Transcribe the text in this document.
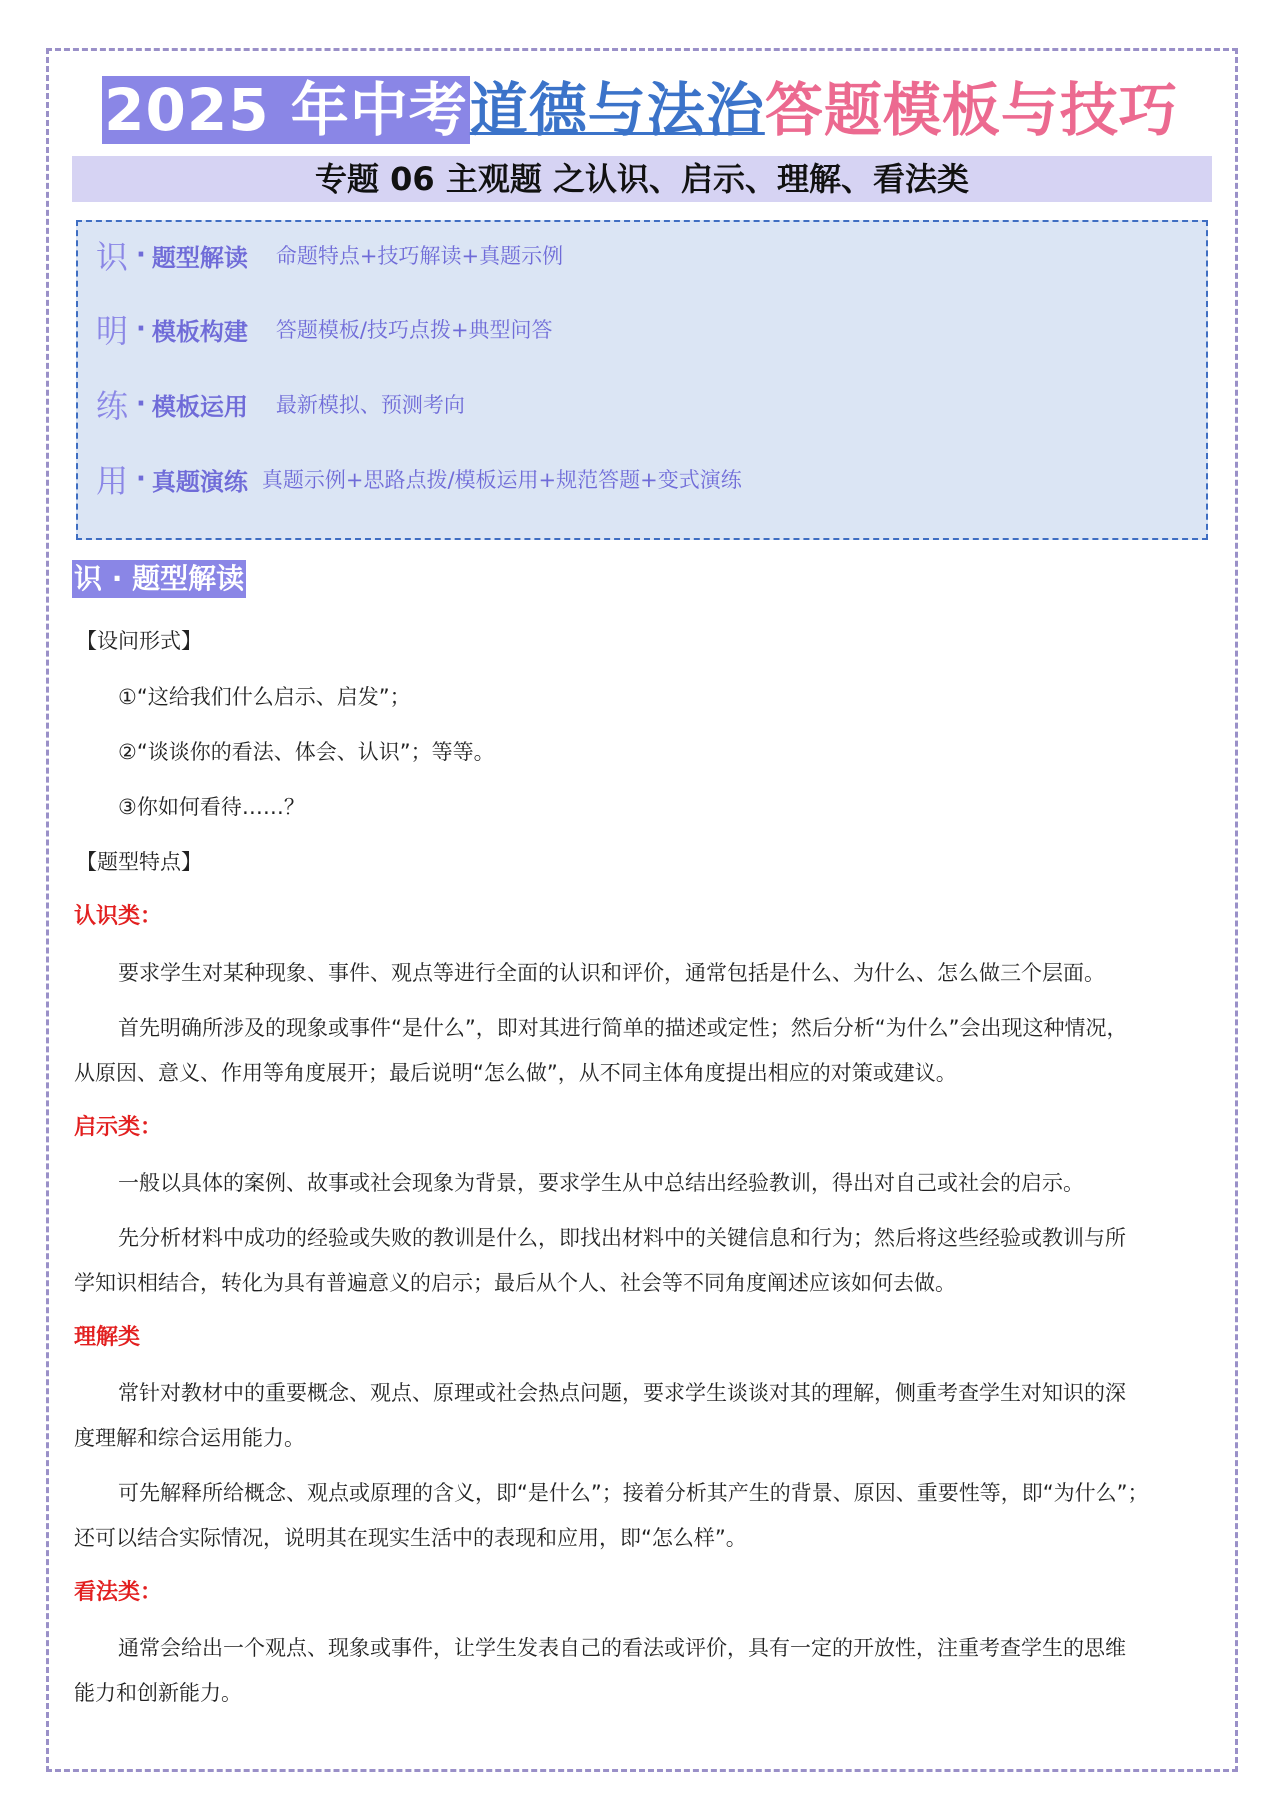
2025 年中考道德与法治答题模板与技巧
专题 06 主观题 之认识、启示、理解、看法类
识 · 题型解读 命题特点+技巧解读+真题示例
明 · 模板构建 答题模板/技巧点拨+典型问答
练 · 模板运用 最新模拟、预测考向
用 · 真题演练 真题示例+思路点拨/模板运用+规范答题+变式演练
识 · 题型解读
【设问形式】
①“这给我们什么启示、启发”；
②“谈谈你的看法、体会、认识”；等等。
③你如何看待……？
【题型特点】
认识类：
要求学生对某种现象、事件、观点等进行全面的认识和评价，通常包括是什么、为什么、怎么做三个层面。
首先明确所涉及的现象或事件“是什么”，即对其进行简单的描述或定性；然后分析“为什么”会出现这种情况，
从原因、意义、作用等角度展开；最后说明“怎么做”，从不同主体角度提出相应的对策或建议。
启示类：
一般以具体的案例、故事或社会现象为背景，要求学生从中总结出经验教训，得出对自己或社会的启示。
先分析材料中成功的经验或失败的教训是什么，即找出材料中的关键信息和行为；然后将这些经验或教训与所
学知识相结合，转化为具有普遍意义的启示；最后从个人、社会等不同角度阐述应该如何去做。
理解类
常针对教材中的重要概念、观点、原理或社会热点问题，要求学生谈谈对其的理解，侧重考查学生对知识的深
度理解和综合运用能力。
可先解释所给概念、观点或原理的含义，即“是什么”；接着分析其产生的背景、原因、重要性等，即“为什么”；
还可以结合实际情况，说明其在现实生活中的表现和应用，即“怎么样”。
看法类：
通常会给出一个观点、现象或事件，让学生发表自己的看法或评价，具有一定的开放性，注重考查学生的思维
能力和创新能力。
